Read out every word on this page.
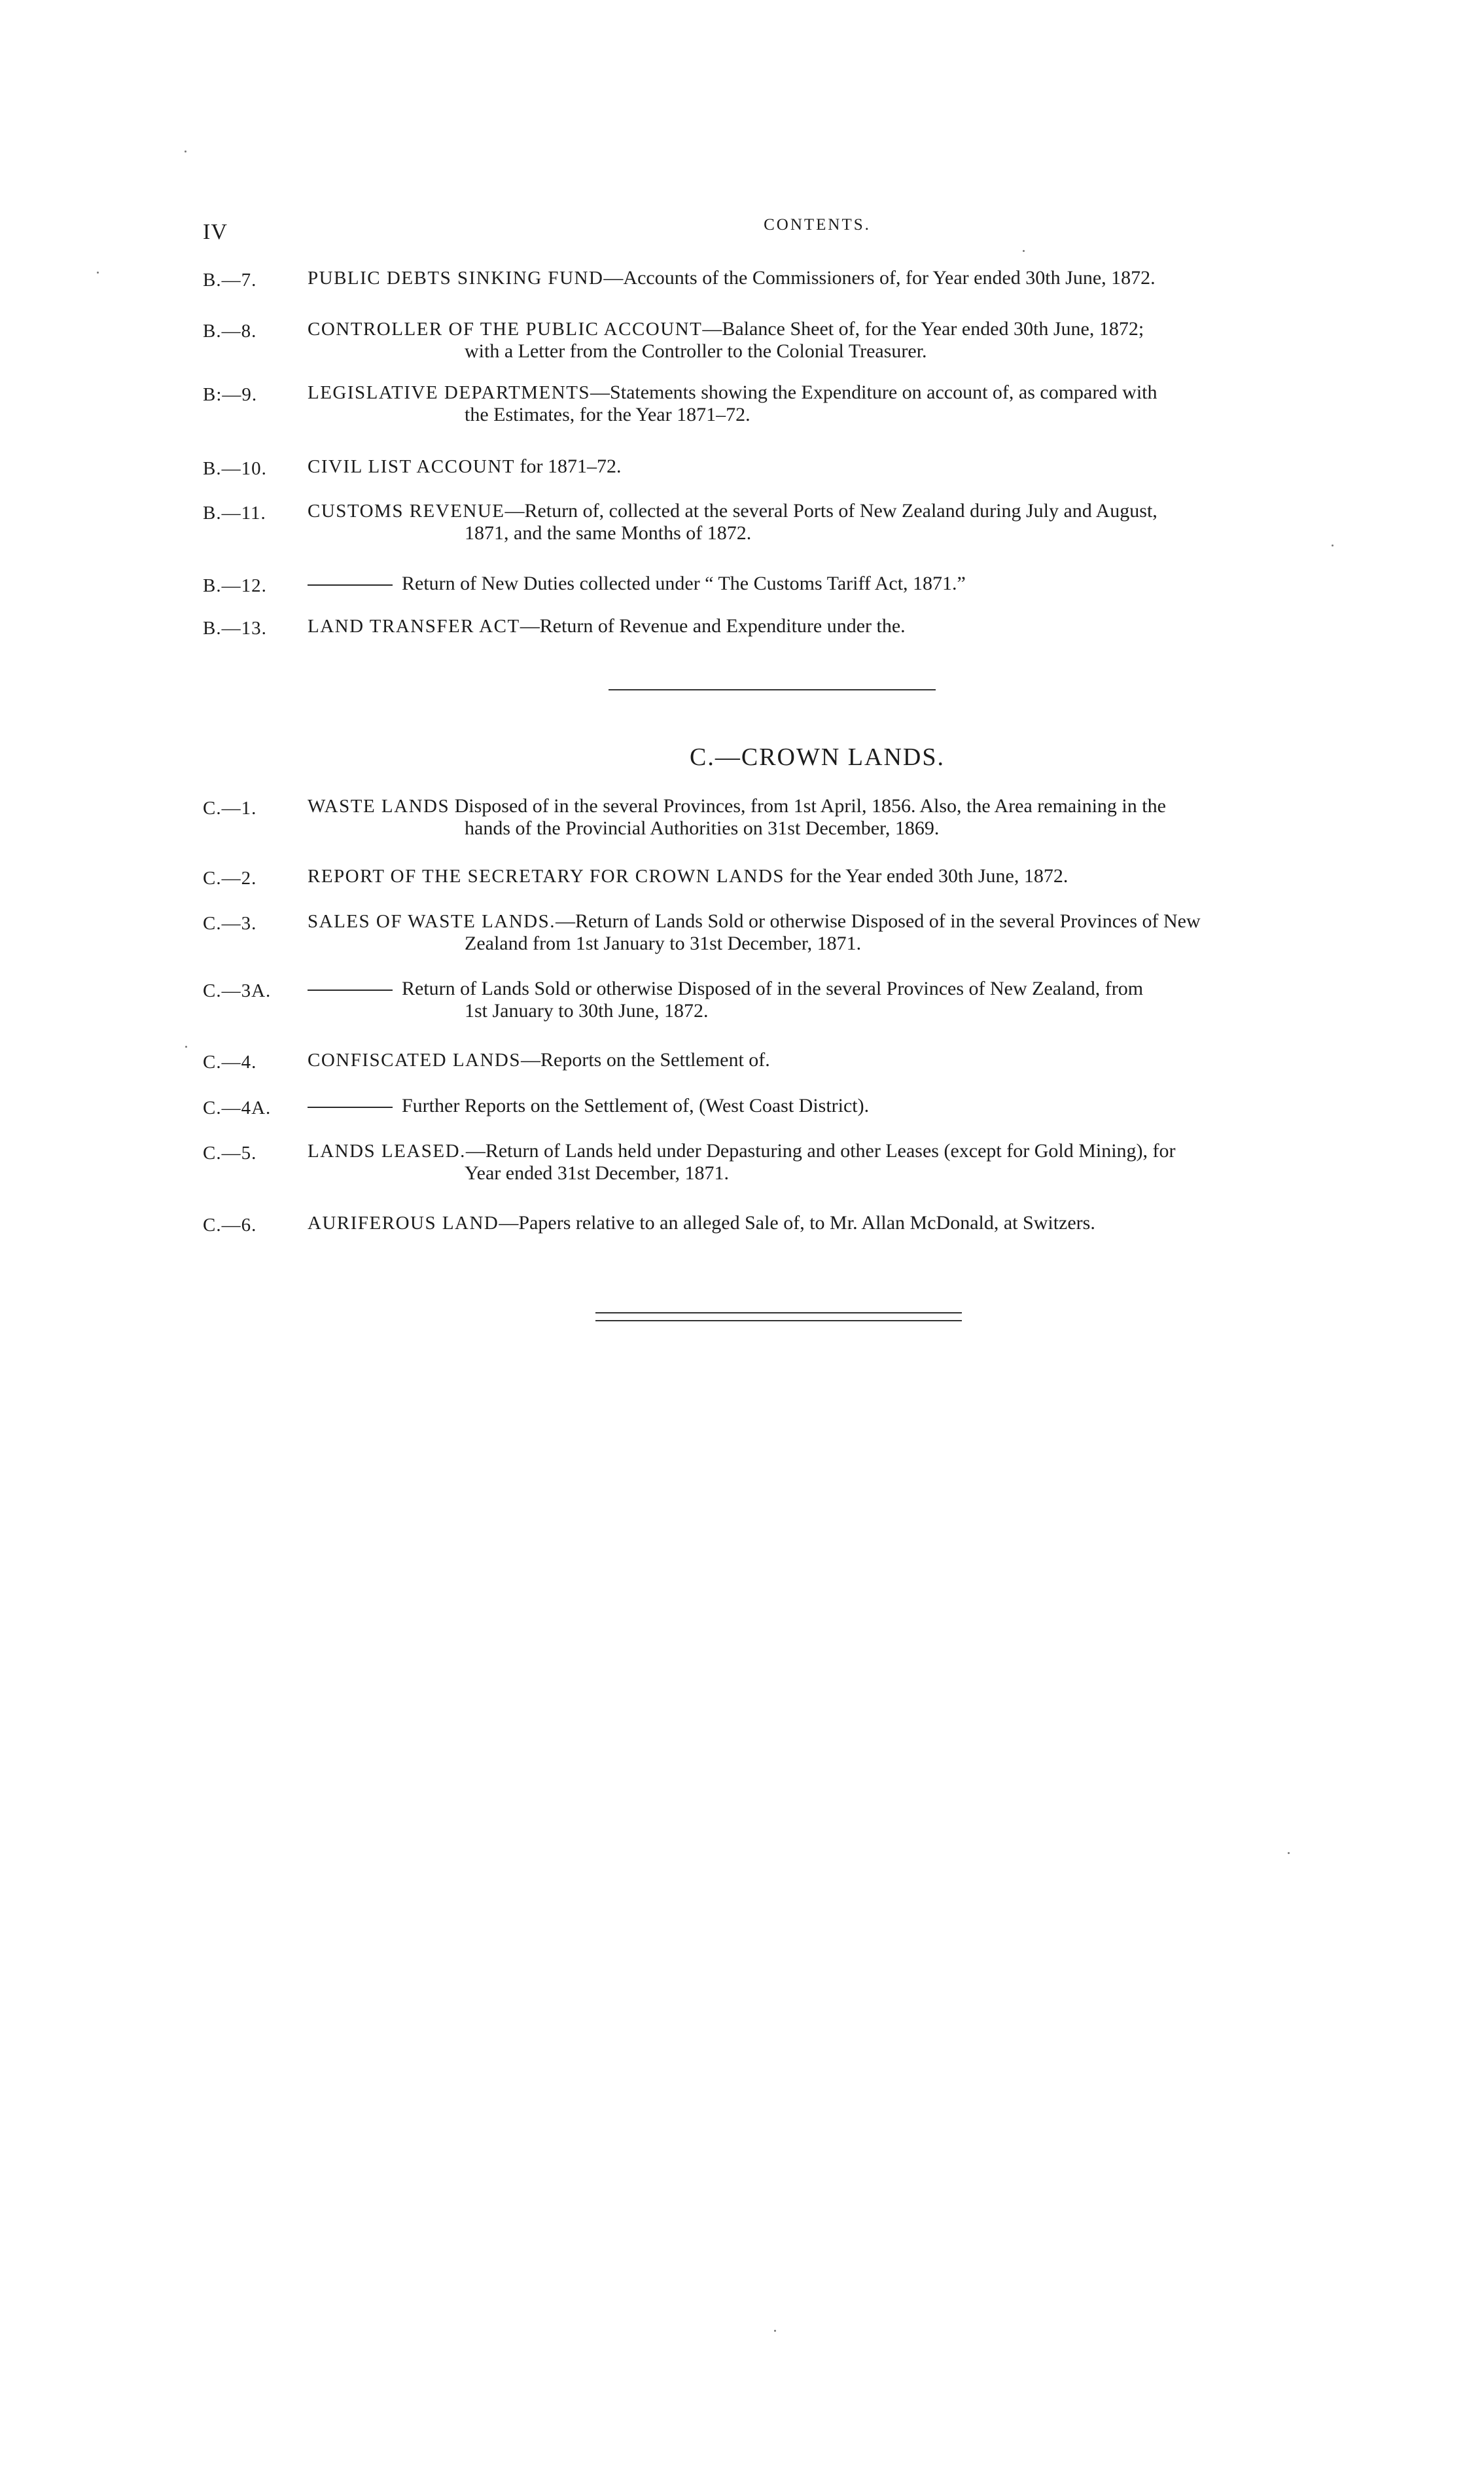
IV	CONTENTS.
B.—7.	PUBLIC DEBTS SINKING FUND—Accounts of the Commissioners of, for Year ended 30th June, 1872.
B.—8.	CONTROLLER OF THE PUBLIC ACCOUNT—Balance Sheet of, for the Year ended 30th June, 1872;
with a Letter from the Controller to the Colonial Treasurer.
B:—9.	LEGISLATIVE DEPARTMENTS—Statements showing the Expenditure on account of, as compared with
the Estimates, for the Year 1871–72.
B.—10. CIVIL LIST ACCOUNT for 1871–72.
B.—11. CUSTOMS REVENUE—Return of, collected at the several Ports of New Zealand during July and August,
1871, and the same Months of 1872.
B.—12.	Return of New Duties collected under “ The Customs Tariff Act, 1871.”
B.—13. LAND TRANSFER ACT—Return of Revenue and Expenditure under the.
C.—CROWN LANDS.
C.—1.	WASTE LANDS Disposed of in the several Provinces, from 1st April, 1856. Also, the Area remaining in the
hands of the Provincial Authorities on 31st December, 1869.
C.—2.	REPORT OF THE SECRETARY FOR CROWN LANDS for the Year ended 30th June, 1872.
C.—3.	SALES OF WASTE LANDS.—Return of Lands Sold or otherwise Disposed of in the several Provinces of New
Zealand from 1st January to 31st December, 1871.
C.—3A.	Return of Lands Sold or otherwise Disposed of in the several Provinces of New Zealand, from
1st January to 30th June, 1872.
C.—4.	CONFISCATED LANDS—Reports on the Settlement of.
C.—4A.	Further Reports on the Settlement of, (West Coast District).
C.—5.	LANDS LEASED.—Return of Lands held under Depasturing and other Leases (except for Gold Mining), for
Year ended 31st December, 1871.
C.—6.	AURIFEROUS LAND—Papers relative to an alleged Sale of, to Mr. Allan McDonald, at Switzers.
